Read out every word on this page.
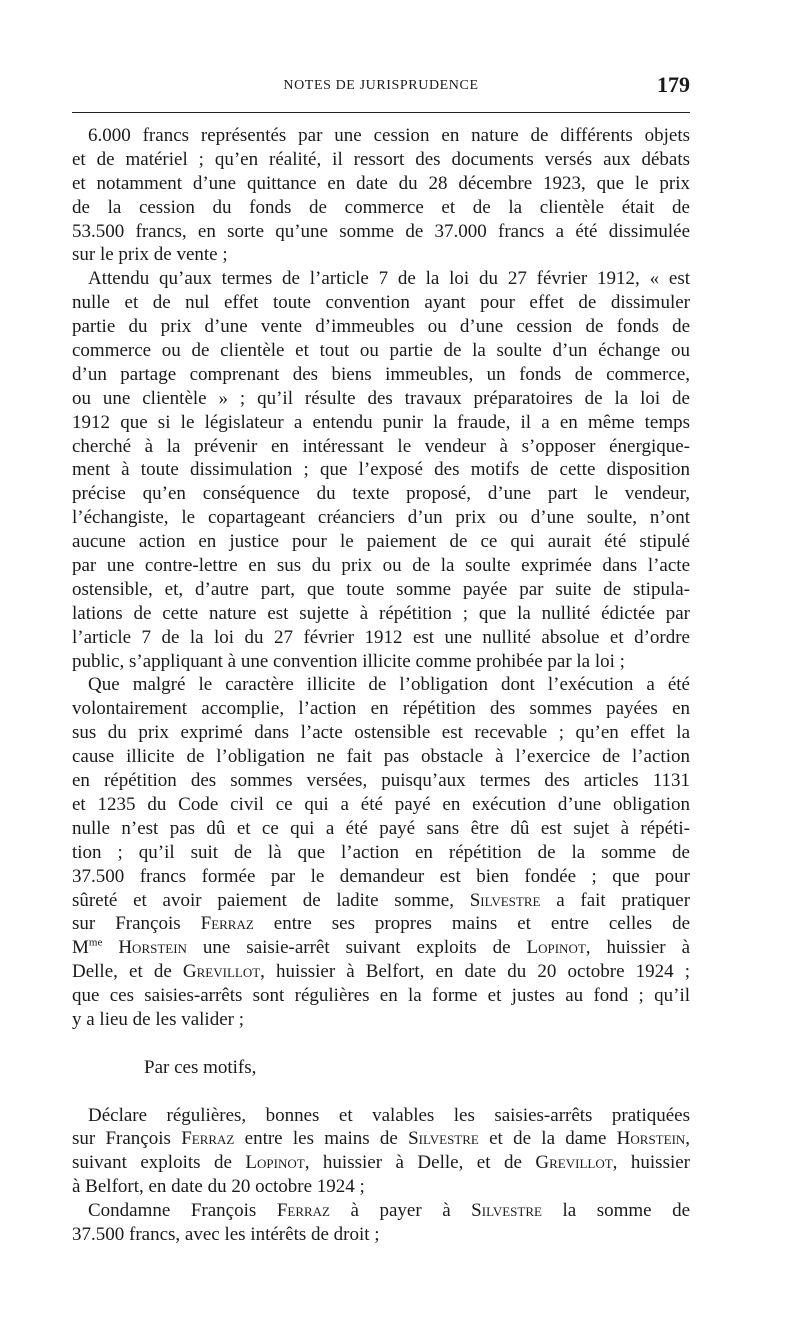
NOTES DE JURISPRUDENCE	179
6.000 francs représentés par une cession en nature de différents objets
et de matériel ; qu’en réalité, il ressort des documents versés aux débats
et notamment d’une quittance en date du 28 décembre 1923, que le prix
de la cession du fonds de commerce et de la clientèle était de
53.500 francs, en sorte qu’une somme de 37.000 francs a été dissimulée
sur le prix de vente ;
Attendu qu’aux termes de l’article 7 de la loi du 27 février 1912, « est
nulle et de nul effet toute convention ayant pour effet de dissimuler
partie du prix d’une vente d’immeubles ou d’une cession de fonds de
commerce ou de clientèle et tout ou partie de la soulte d’un échange ou
d’un partage comprenant des biens immeubles, un fonds de commerce,
ou une clientèle » ; qu’il résulte des travaux préparatoires de la loi de
1912 que si le législateur a entendu punir la fraude, il a en même temps
cherché à la prévenir en intéressant le vendeur à s’opposer énergique-
ment à toute dissimulation ; que l’exposé des motifs de cette disposition
précise qu’en conséquence du texte proposé, d’une part le vendeur,
l’échangiste, le copartageant créanciers d’un prix ou d’une soulte, n’ont
aucune action en justice pour le paiement de ce qui aurait été stipulé
par une contre-lettre en sus du prix ou de la soulte exprimée dans l’acte
ostensible, et, d’autre part, que toute somme payée par suite de stipula-
lations de cette nature est sujette à répétition ; que la nullité édictée par
l’article 7 de la loi du 27 février 1912 est une nullité absolue et d’ordre
public, s’appliquant à une convention illicite comme prohibée par la loi ;
Que malgré le caractère illicite de l’obligation dont l’exécution a été
volontairement accomplie, l’action en répétition des sommes payées en
sus du prix exprimé dans l’acte ostensible est recevable ; qu’en effet la
cause illicite de l’obligation ne fait pas obstacle à l’exercice de l’action
en répétition des sommes versées, puisqu’aux termes des articles 1131
et 1235 du Code civil ce qui a été payé en exécution d’une obligation
nulle n’est pas dû et ce qui a été payé sans être dû est sujet à répéti-
tion ; qu’il suit de là que l’action en répétition de la somme de
37.500 francs formée par le demandeur est bien fondée ; que pour
sûreté et avoir paiement de ladite somme, Silvestre a fait pratiquer
sur François Ferraz entre ses propres mains et entre celles de
$M^{me}$ Horstein une saisie-arrêt suivant exploits de Lopinot, huissier à
Delle, et de Grevillot, huissier à Belfort, en date du 20 octobre 1924 ;
que ces saisies-arrêts sont régulières en la forme et justes au fond ; qu’il
y a lieu de les valider ;
Par ces motifs,
Déclare régulières, bonnes et valables les saisies-arrêts pratiquées
sur François Ferraz entre les mains de Silvestre et de la dame Horstein,
suivant exploits de Lopinot, huissier à Delle, et de Grevillot, huissier
à Belfort, en date du 20 octobre 1924 ;
Condamne François Ferraz à payer à Silvestre la somme de
37.500 francs, avec les intérêts de droit ;
